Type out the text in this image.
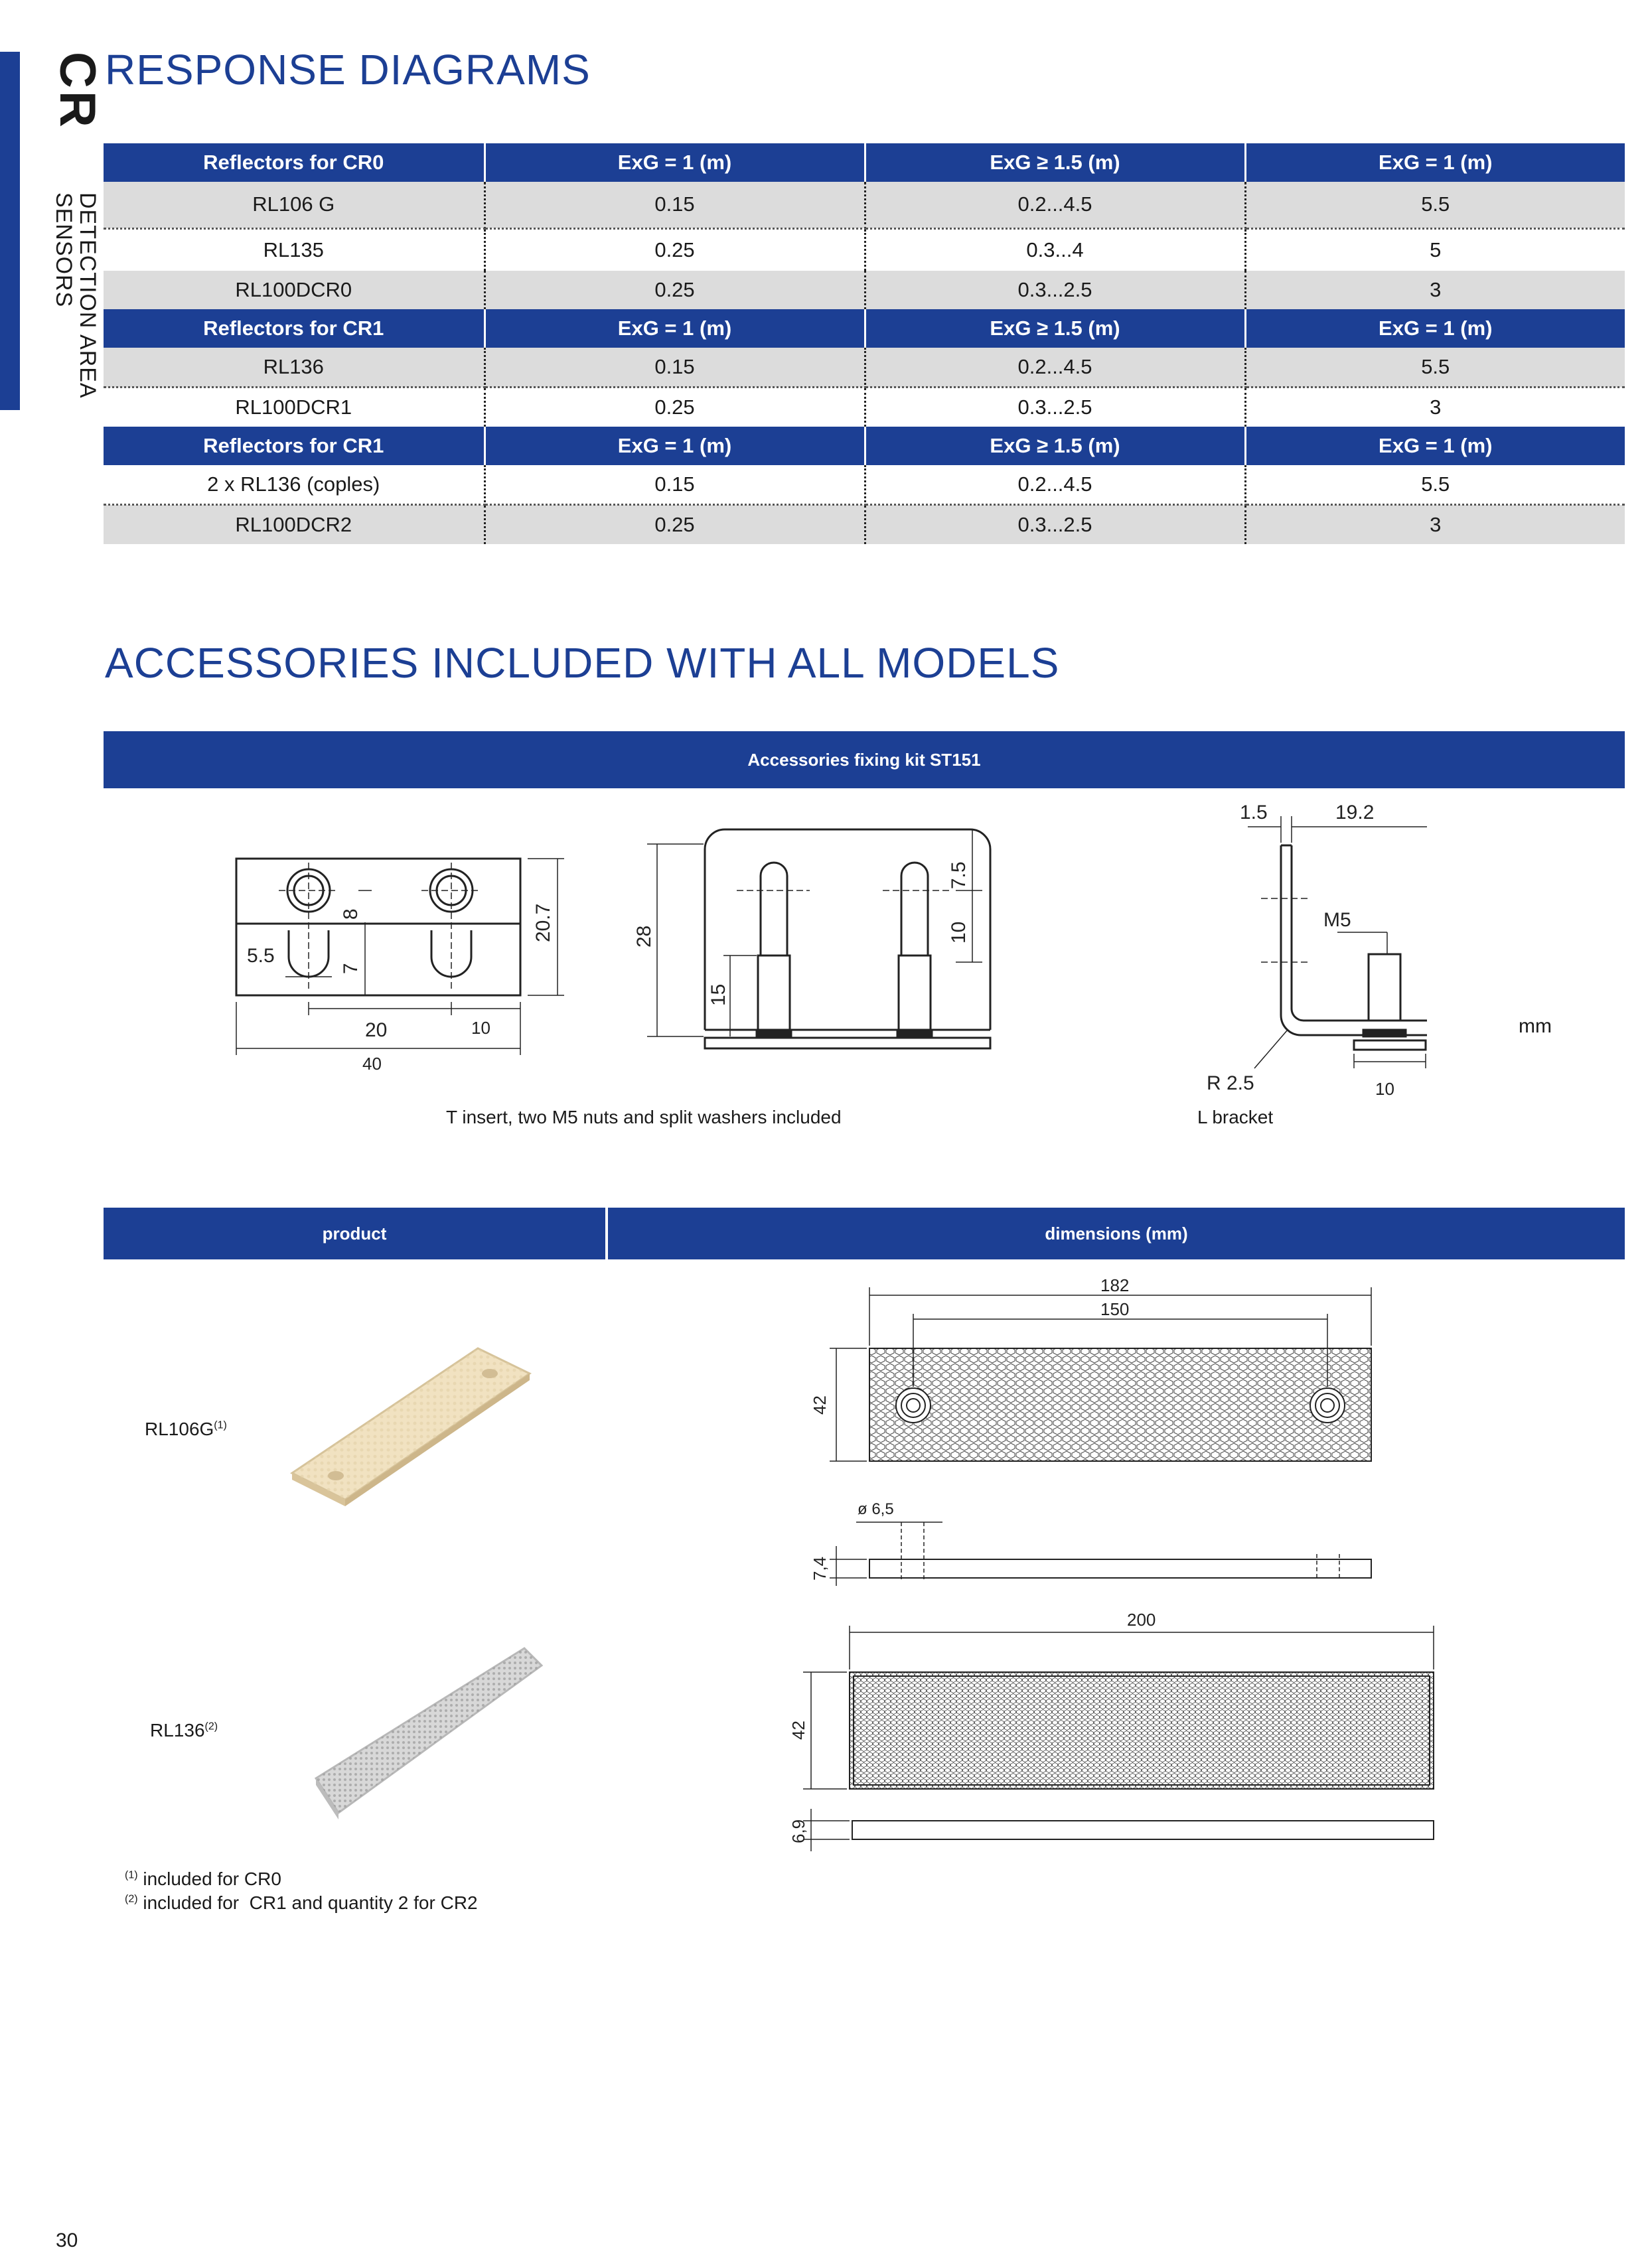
CR
DETECTION AREA
SENSORS
RESPONSE DIAGRAMS
Reflectors for CR0	ExG = 1 (m)	ExG ≥ 1.5 (m)	ExG = 1 (m)
RL106 G	0.15	0.2...4.5	5.5
RL135	0.25	0.3...4	5
RL100DCR0	0.25	0.3...2.5	3
Reflectors for CR1	ExG = 1 (m)	ExG ≥ 1.5 (m)	ExG = 1 (m)
RL136	0.15	0.2...4.5	5.5
RL100DCR1	0.25	0.3...2.5	3
Reflectors for CR1	ExG = 1 (m)	ExG ≥ 1.5 (m)	ExG = 1 (m)
2 x RL136 (coples)	0.15	0.2...4.5	5.5
RL100DCR2	0.25	0.3...2.5	3
ACCESSORIES INCLUDED WITH ALL MODELS
Accessories fixing kit ST151
5.5
8
7
20.7
20	10
40
28
7.5
10
15
1.5	19.2
M5
R 2.5	10
mm
T insert, two M5 nuts and split washers included	L bracket
product	dimensions (mm)
$RL106G^{(1)}$
RL136$^{(2)}$
182
150
42
ø 6,5
7,4
200
42
6,9
$^{(1)}$ included for CR0
$^{(2)}$ included for  CR1 and quantity 2 for CR2
30
